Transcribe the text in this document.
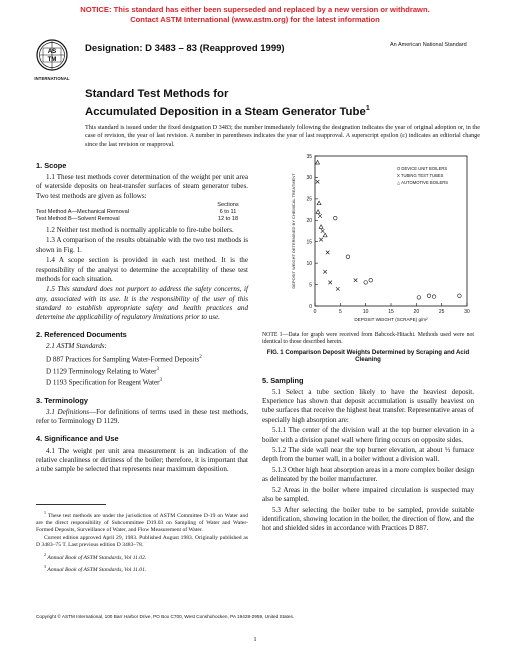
NOTICE: This standard has either been superseded and replaced by a new version or withdrawn.
Contact ASTM International (www.astm.org) for the latest information
AS
TM
INTERNATIONAL
Designation: D 3483 – 83 (Reapproved 1999)	An American National Standard
Standard Test Methods for
Accumulated Deposition in a Steam Generator Tube$^1$
This standard is issued under the fixed designation D 3483; the number immediately following the designation indicates the year of original adoption or, in the case of revision, the year of last revision. A number in parentheses indicates the year of last reapproval. A superscript epsilon (ε) indicates an editorial change since the last revision or reapproval.
1. Scope

1.1 These test methods cover determination of the weight per unit area of waterside deposits on heat-transfer surfaces of steam generator tubes. Two test methods are given as follows:

Sections
Test Method A—Mechanical Removal	6 to 11
Test Method B—Solvent Removal	12 to 18

1.2 Neither test method is normally applicable to fire-tube boilers.

1.3 A comparison of the results obtainable with the two test methods is shown in Fig. 1.

1.4 A scope section is provided in each test method. It is the responsibility of the analyst to determine the acceptability of these test methods for each situation.

1.5 This standard does not purport to address the safety concerns, if any, associated with its use. It is the responsibility of the user of this standard to establish appropriate safety and health practices and determine the applicability of regulatory limitations prior to use.

2. Referenced Documents

2.1 ASTM Standards:

D 887 Practices for Sampling Water-Formed Deposits$^2$
D 1129 Terminology Relating to Water$^3$
D 1193 Specification for Reagent Water$^3$
3. Terminology

3.1 Definitions—For definitions of terms used in these test methods, refer to Terminology D 1129.

4. Significance and Use

4.1 The weight per unit area measurement is an indication of the relative cleanliness or dirtiness of the boiler; therefore, it is important that a tube sample be selected that represents near maximum deposition.

$^1$ These test methods are under the jurisdiction of ASTM Committee D-19 on Water and are the direct responsibility of Subcommittee D19.03 on Sampling of Water and Water-Formed Deposits, Surveillance of Water, and Flow Measurement of Water.

Current edition approved April 29, 1983. Published August 1983. Originally published as D 3483–75 T. Last previous edition D 3483–78.

$^2$ Annual Book of ASTM Standards, Vol 11.02.

$^3$ Annual Book of ASTM Standards, Vol 11.01.

0	5	10	15	20	25	30
0
5
10
15
20
25
30
35
DEPOSIT WEIGHT (SCRAPE) g/m²
DEPOSIT WEIGHT DETERMINED BY CHEMICAL TREATMENT
O DEVICE UNIT BOILERS
X TUBING TEST TUBES
△ AUTOMOTIVE BOILERS
NOTE 1—Data for graph were received from Babcock-Hitachi. Methods used were not identical to those described herein.
FIG. 1 Comparison Deposit Weights Determined by Scraping and Acid Cleaning
5. Sampling

5.1 Select a tube section likely to have the heaviest deposit. Experience has shown that deposit accumulation is usually heaviest on tube surfaces that receive the highest heat transfer. Representative areas of especially high absorption are:

5.1.1 The center of the division wall at the top burner elevation in a boiler with a division panel wall where firing occurs on opposite sides.

5.1.2 The side wall near the top burner elevation, at about ⅓ furnace depth from the burner wall, in a boiler without a division wall.

5.1.3 Other high heat absorption areas in a more complex boiler design as delineated by the boiler manufacturer.

5.2 Areas in the boiler where impaired circulation is suspected may also be sampled.

5.3 After selecting the boiler tube to be sampled, provide suitable identification, showing location in the boiler, the direction of flow, and the hot and shielded sides in accordance with Practices D 887.

Copyright © ASTM International, 100 Barr Harbor Drive, PO Box C700, West Conshohocken, PA 19428-2959, United States.
1
